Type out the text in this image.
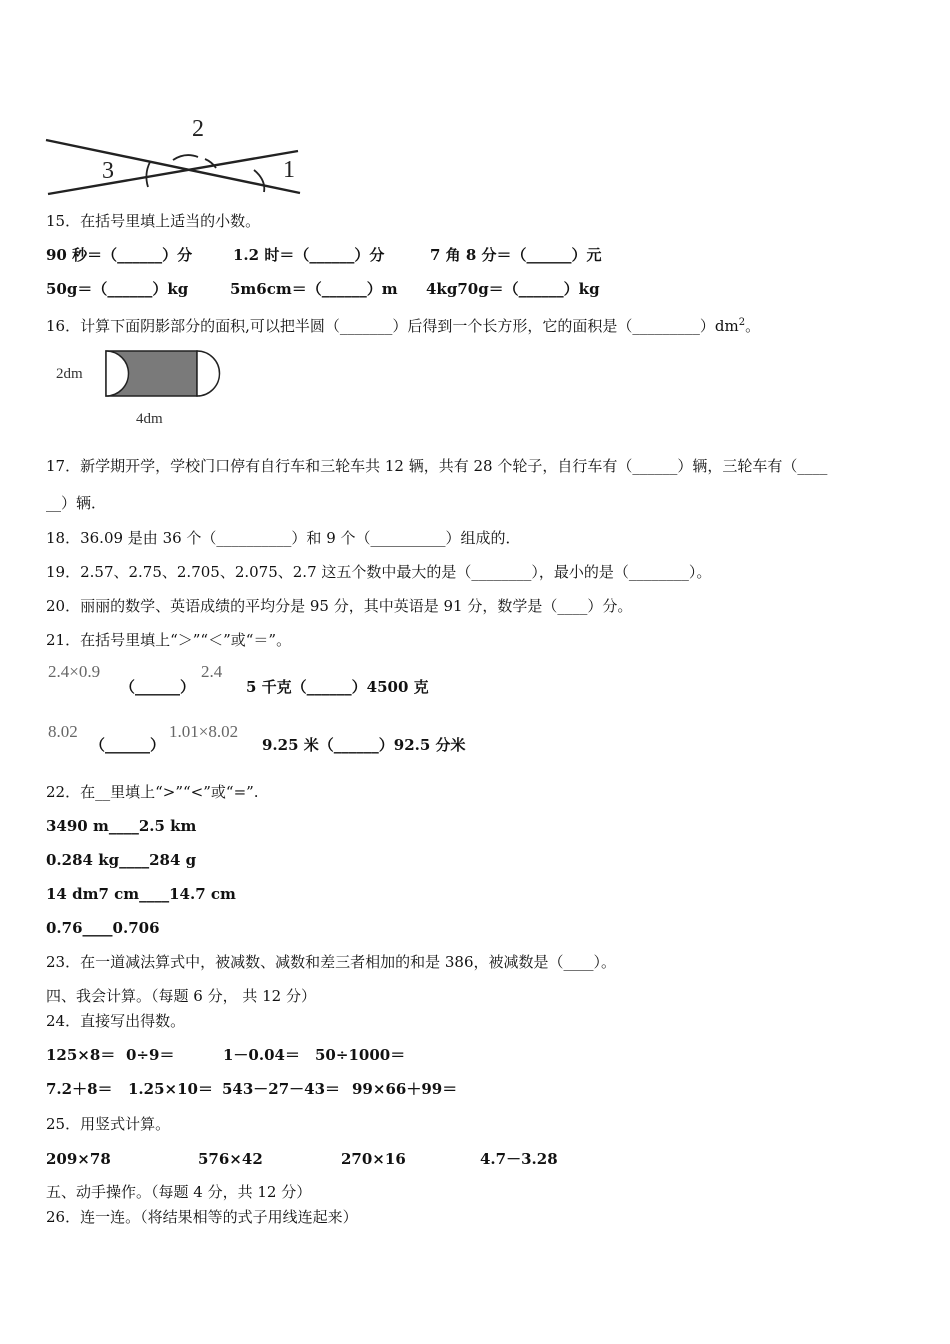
2
3	1
15．在括号里填上适当的小数。
90 秒＝（______）分	1.2 时＝（______）分	7 角 8 分＝（______）元
50g＝（______）kg	5m6cm＝（______）m 4kg70g＝（______）kg
16．计算下面阴影部分的面积,可以把半圆（_______）后得到一个长方形，它的面积是$(\_\_\_\_\_\_\_\_\_)dm^2$。
2dm
4dm
17．新学期开学，学校门口停有自行车和三轮车共 12 辆，共有 28 个轮子，自行车有（______）辆，三轮车有（____
__）辆．
18．36.09 是由 36 个（__________）和 9 个（__________）组成的．
19．2.57、2.75、2.705、2.075、2.7 这五个数中最大的是（________），最小的是（________）。
20．丽丽的数学、英语成绩的平均分是 95 分，其中英语是 91 分，数学是（____）分。
21．在括号里填上“＞”“＜”或“＝”。
2.4×0.9
（______）
2.4
5 千克（______）4500 克
8.02
（______）
1.01×8.02
9.25 米（______）92.5 分米
22．在__里填上“>”“<”或“=”.
3490 m____2.5 km
0.284 kg____284 g
14 dm7 cm____14.7 cm
0.76____0.706
23．在一道减法算式中，被减数、减数和差三者相加的和是 386，被减数是（____）。
四、我会计算。（每题 6 分， 共 12 分）
24．直接写出得数。
125×8＝ 0÷9＝	1－0.04＝ 50÷1000＝
7.2＋8＝ 1.25×10＝ 543－27－43＝ 99×66＋99＝
25．用竖式计算。
209×78	576×42	270×16	4.7－3.28
五、动手操作。（每题 4 分，共 12 分）
26．连一连。（将结果相等的式子用线连起来）
